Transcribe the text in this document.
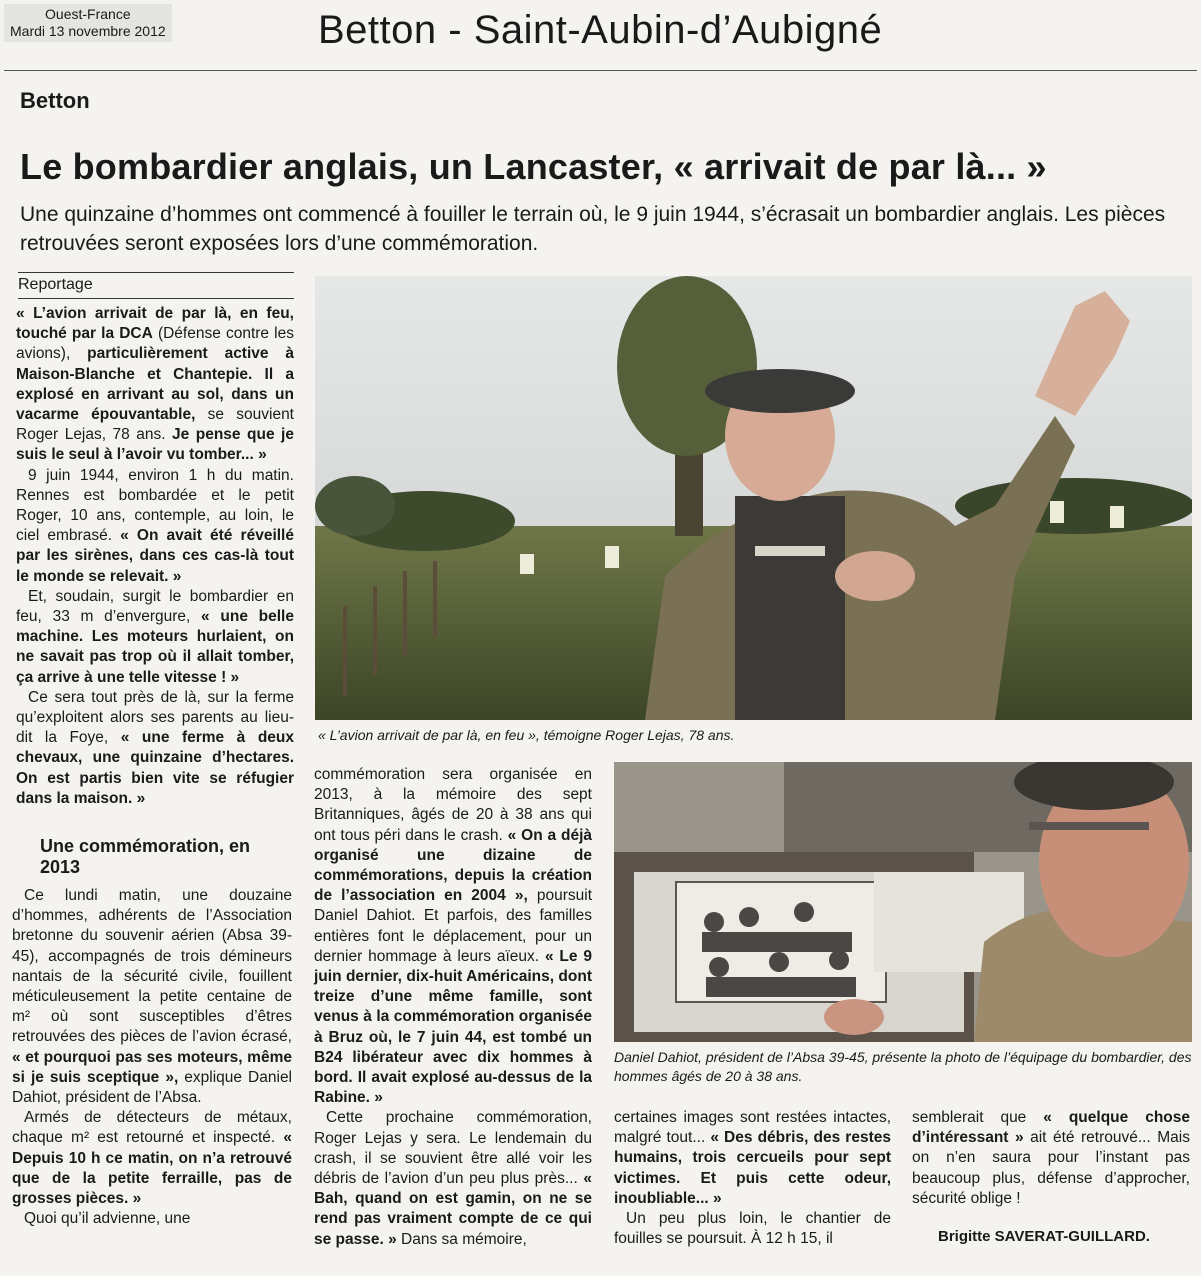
Ouest-France
Mardi 13 novembre 2012	Betton - Saint-Aubin-d’Aubigné
Betton
Le bombardier anglais, un Lancaster, « arrivait de par là... »
Une quinzaine d’hommes ont commencé à fouiller le terrain où, le 9 juin 1944, s’écrasait un bombardier anglais. Les pièces retrouvées seront exposées lors d’une commémoration.
Reportage

« L’avion arrivait de par là, en feu, touché par la DCA (Défense contre les avions), particulièrement active à Maison-Blanche et Chantepie. Il a explosé en arrivant au sol, dans un vacarme épouvantable, se souvient Roger Lejas, 78 ans. Je pense que je suis le seul à l’avoir vu tomber... »

9 juin 1944, environ 1 h du matin. Rennes est bombardée et le petit Roger, 10 ans, contemple, au loin, le ciel embrasé. « On avait été réveillé par les sirènes, dans ces cas-là tout le monde se relevait. »

Et, soudain, surgit le bombardier en feu, 33 m d’envergure, « une belle machine. Les moteurs hurlaient, on ne savait pas trop où il allait tomber, ça arrive à une telle vitesse ! »

Ce sera tout près de là, sur la ferme qu’exploitent alors ses parents au lieu-dit la Foye, « une ferme à deux chevaux, une quinzaine d’hectares. On est partis bien vite se réfugier dans la maison. »

Une commémoration, en 2013

Ce lundi matin, une douzaine d’hommes, adhérents de l’Association bretonne du souvenir aérien (Absa 39-45), accompagnés de trois démineurs nantais de la sécurité civile, fouillent méticuleusement la petite centaine de m² où sont susceptibles d’êtres retrouvées des pièces de l’avion écrasé, « et pourquoi pas ses moteurs, même si je suis sceptique », explique Daniel Dahiot, président de l’Absa.

Armés de détecteurs de métaux, chaque m² est retourné et inspecté. « Depuis 10 h ce matin, on n’a retrouvé que de la petite ferraille, pas de grosses pièces. »

Quoi qu’il advienne, une

« L’avion arrivait de par là, en feu », témoigne Roger Lejas, 78 ans.

commémoration sera organisée en 2013, à la mémoire des sept Britanniques, âgés de 20 à 38 ans qui ont tous péri dans le crash. « On a déjà organisé une dizaine de commémorations, depuis la création de l’association en 2004 », poursuit Daniel Dahiot. Et parfois, des familles entières font le déplacement, pour un dernier hommage à leurs aïeux. « Le 9 juin dernier, dix-huit Américains, dont treize d’une même famille, sont venus à la commémoration organisée à Bruz où, le 7 juin 44, est tombé un B24 libérateur avec dix hommes à bord. Il avait explosé au-dessus de la Rabine. »

Cette prochaine commémoration, Roger Lejas y sera. Le lendemain du crash, il se souvient être allé voir les débris de l’avion d’un peu plus près... « Bah, quand on est gamin, on ne se rend pas vraiment compte de ce qui se passe. » Dans sa mémoire,

Daniel Dahiot, président de l’Absa 39-45, présente la photo de l’équipage du bombardier, des hommes âgés de 20 à 38 ans.

certaines images sont restées intactes, malgré tout... « Des débris, des restes humains, trois cercueils pour sept victimes. Et puis cette odeur, inoubliable... »

Un peu plus loin, le chantier de fouilles se poursuit. À 12 h 15, il

semblerait que « quelque chose d’intéressant » ait été retrouvé... Mais on n’en saura pour l’instant pas beaucoup plus, défense d’approcher, sécurité oblige !

Brigitte SAVERAT-GUILLARD.
